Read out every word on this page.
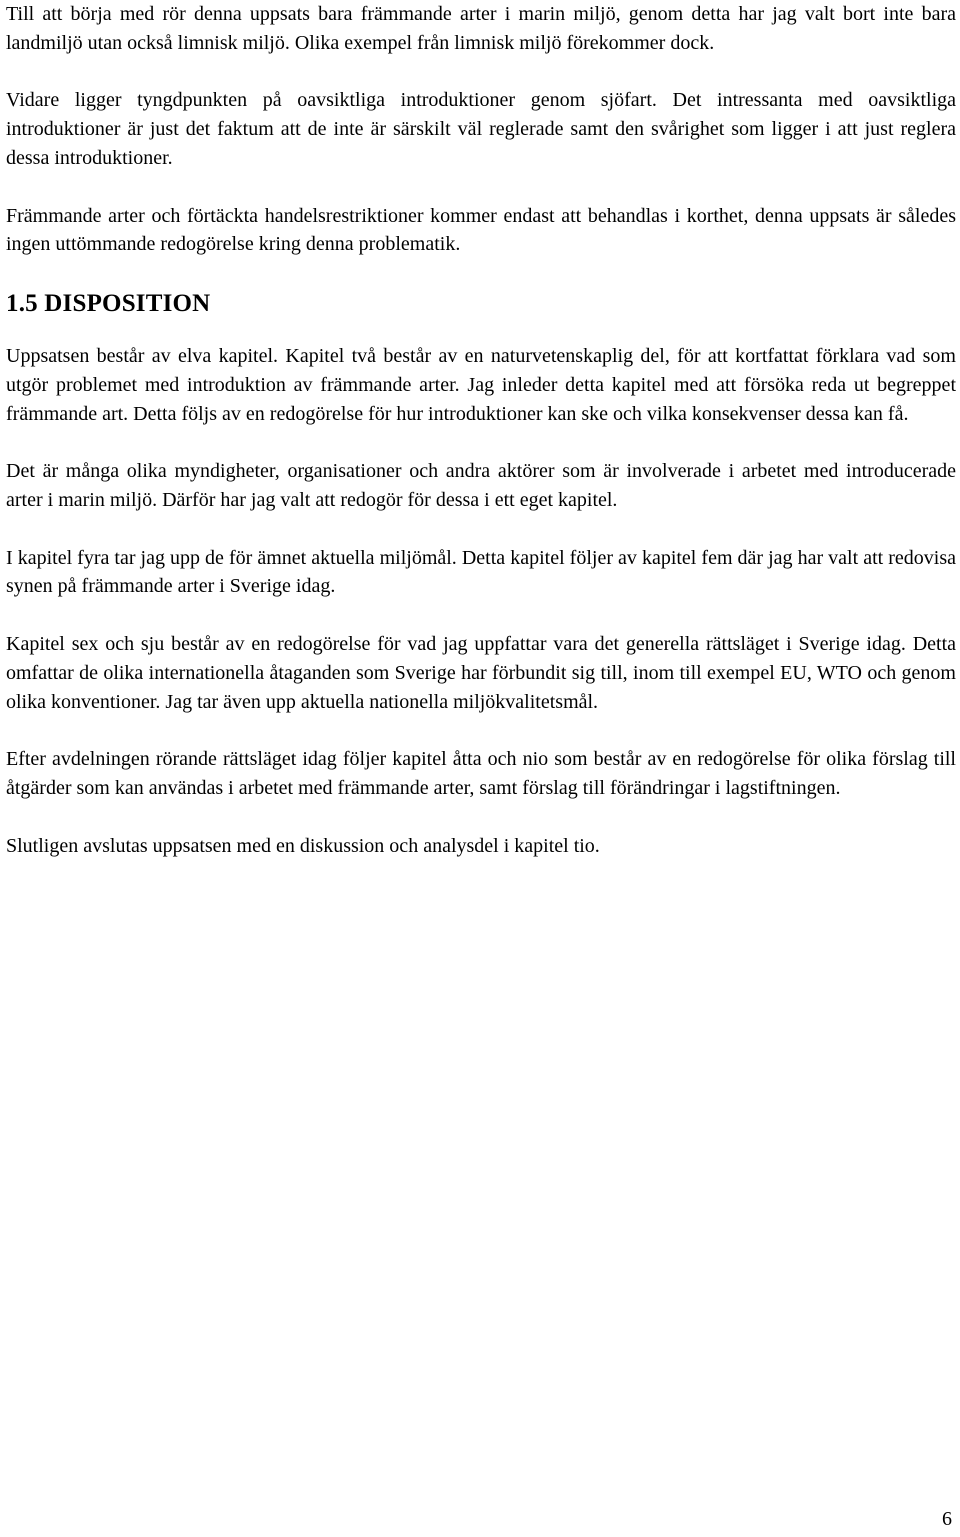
Till att börja med rör denna uppsats bara främmande arter i marin miljö, genom detta har jag valt bort inte bara landmiljö utan också limnisk miljö. Olika exempel från limnisk miljö förekommer dock.

Vidare ligger tyngdpunkten på oavsiktliga introduktioner genom sjöfart. Det intressanta med oavsiktliga introduktioner är just det faktum att de inte är särskilt väl reglerade samt den svårighet som ligger i att just reglera dessa introduktioner.

Främmande arter och förtäckta handelsrestriktioner kommer endast att behandlas i korthet, denna uppsats är således ingen uttömmande redogörelse kring denna problematik.

1.5 DISPOSITION

Uppsatsen består av elva kapitel. Kapitel två består av en naturvetenskaplig del, för att kortfattat förklara vad som utgör problemet med introduktion av främmande arter. Jag inleder detta kapitel med att försöka reda ut begreppet främmande art. Detta följs av en redogörelse för hur introduktioner kan ske och vilka konsekvenser dessa kan få.

Det är många olika myndigheter, organisationer och andra aktörer som är involverade i arbetet med introducerade arter i marin miljö. Därför har jag valt att redogör för dessa i ett eget kapitel.

I kapitel fyra tar jag upp de för ämnet aktuella miljömål. Detta kapitel följer av kapitel fem där jag har valt att redovisa synen på främmande arter i Sverige idag.

Kapitel sex och sju består av en redogörelse för vad jag uppfattar vara det generella rättsläget i Sverige idag. Detta omfattar de olika internationella åtaganden som Sverige har förbundit sig till, inom till exempel EU, WTO och genom olika konventioner. Jag tar även upp aktuella nationella miljökvalitetsmål.

Efter avdelningen rörande rättsläget idag följer kapitel åtta och nio som består av en redogörelse för olika förslag till åtgärder som kan användas i arbetet med främmande arter, samt förslag till förändringar i lagstiftningen.

Slutligen avslutas uppsatsen med en diskussion och analysdel i kapitel tio.

6
